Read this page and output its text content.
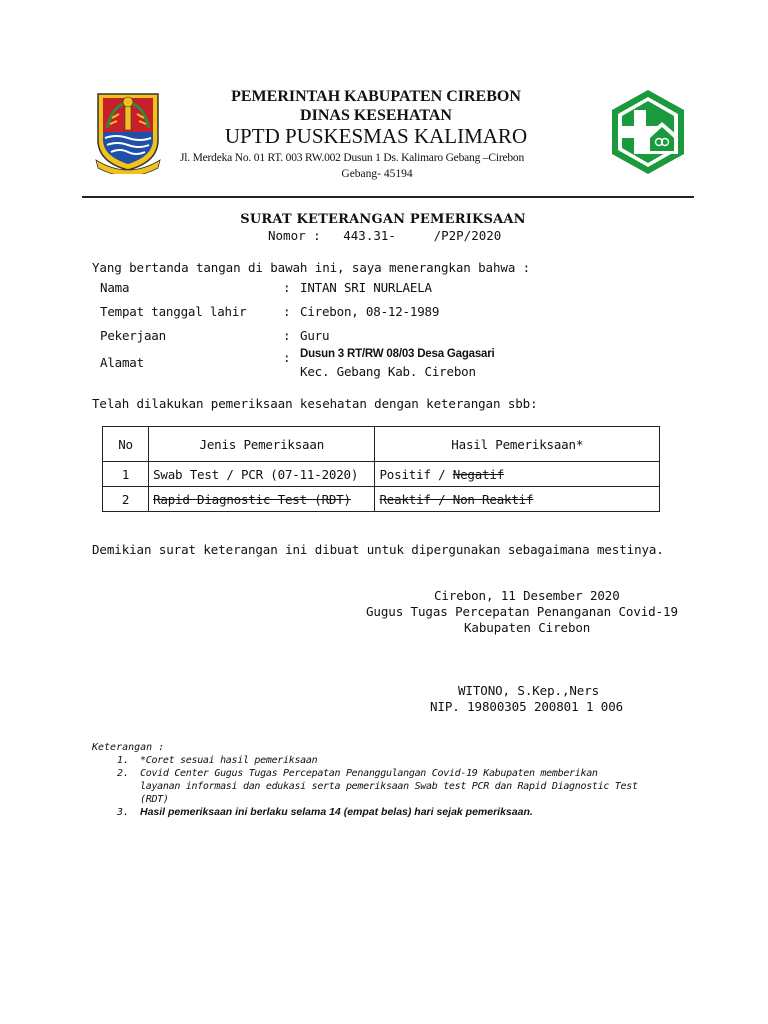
PEMERINTAH KABUPATEN CIREBON
DINAS KESEHATAN
UPTD PUSKESMAS KALIMARO
Jl. Merdeka No. 01 RT. 003 RW.002 Dusun 1 Ds. Kalimaro Gebang –Cirebon
Gebang- 45194
SURAT KETERANGAN PEMERIKSAAN
Nomor :   443.31-     /P2P/2020
Yang bertanda tangan di bawah ini, saya menerangkan bahwa :
Nama	: INTAN SRI NURLAELA
Tempat tanggal lahir	: Cirebon, 08-12-1989
Pekerjaan	: Guru
Alamat	: Dusun 3 RT/RW 08/03 Desa Gagasari
Kec. Gebang Kab. Cirebon
Telah dilakukan pemeriksaan kesehatan dengan keterangan sbb:
No	Jenis Pemeriksaan	Hasil Pemeriksaan*
1	Swab Test / PCR (07-11-2020)	Positif / Negatif
2	Rapid Diagnostic Test (RDT)	Reaktif / Non Reaktif
Demikian surat keterangan ini dibuat untuk dipergunakan sebagaimana mestinya.
Cirebon, 11 Desember 2020
Gugus Tugas Percepatan Penanganan Covid-19
Kabupaten Cirebon
WITONO, S.Kep.,Ners
NIP. 19800305 200801 1 006
Keterangan :
1. *Coret sesuai hasil pemeriksaan
2. Covid Center Gugus Tugas Percepatan Penanggulangan Covid-19 Kabupaten memberikan
layanan informasi dan edukasi serta pemeriksaan Swab test PCR dan Rapid Diagnostic Test
(RDT)
3. Hasil pemeriksaan ini berlaku selama 14 (empat belas) hari sejak pemeriksaan.
